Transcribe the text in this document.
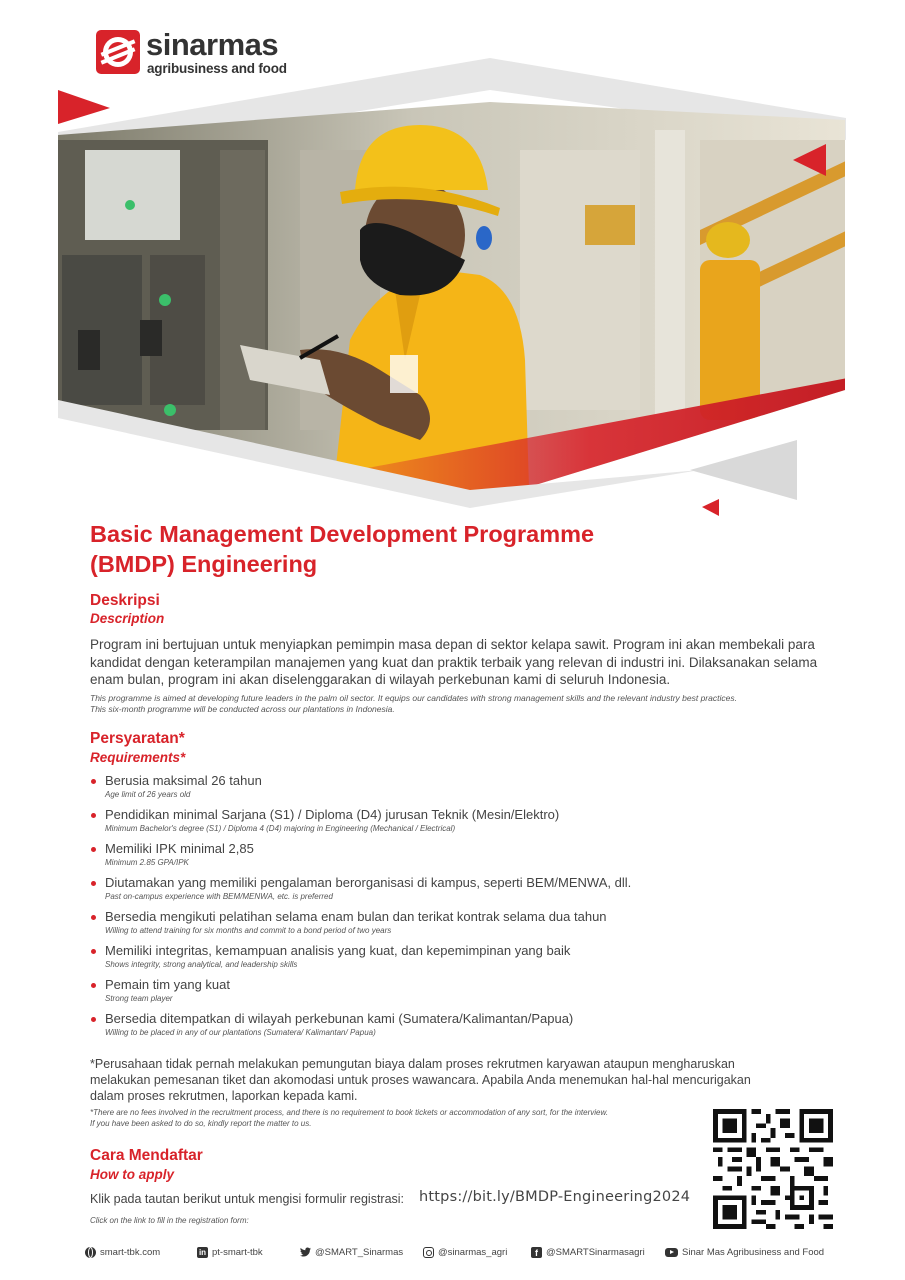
sinarmas
agribusiness and food
Basic Management Development Programme
(BMDP) Engineering
Deskripsi
Description
Program ini bertujuan untuk menyiapkan pemimpin masa depan di sektor kelapa sawit. Program ini akan membekali para
kandidat dengan keterampilan manajemen yang kuat dan praktik terbaik yang relevan di industri ini. Dilaksanakan selama
enam bulan, program ini akan diselenggarakan di wilayah perkebunan kami di seluruh Indonesia.
This programme is aimed at developing future leaders in the palm oil sector. It equips our candidates with strong management skills and the relevant industry best practices.
This six-month programme will be conducted across our plantations in Indonesia.
Persyaratan*
Requirements*
Berusia maksimal 26 tahun
Age limit of 26 years old
Pendidikan minimal Sarjana (S1) / Diploma (D4) jurusan Teknik (Mesin/Elektro)
Minimum Bachelor's degree (S1) / Diploma 4 (D4) majoring in Engineering (Mechanical / Electrical)
Memiliki IPK minimal 2,85
Minimum 2.85 GPA/IPK
Diutamakan yang memiliki pengalaman berorganisasi di kampus, seperti BEM/MENWA, dll.
Past on-campus experience with BEM/MENWA, etc. is preferred
Bersedia mengikuti pelatihan selama enam bulan dan terikat kontrak selama dua tahun
Willing to attend training for six months and commit to a bond period of two years
Memiliki integritas, kemampuan analisis yang kuat, dan kepemimpinan yang baik
Shows integrity, strong analytical, and leadership skills
Pemain tim yang kuat
Strong team player
Bersedia ditempatkan di wilayah perkebunan kami (Sumatera/Kalimantan/Papua)
Willing to be placed in any of our plantations (Sumatera/ Kalimantan/ Papua)
*Perusahaan tidak pernah melakukan pemungutan biaya dalam proses rekrutmen karyawan ataupun mengharuskan
melakukan pemesanan tiket dan akomodasi untuk proses wawancara. Apabila Anda menemukan hal-hal mencurigakan
dalam proses rekrutmen, laporkan kepada kami.
*There are no fees involved in the recruitment process, and there is no requirement to book tickets or accommodation of any sort, for the interview.
If you have been asked to do so, kindly report the matter to us.
Cara Mendaftar
How to apply
Klik pada tautan berikut untuk mengisi formulir registrasi: https://bit.ly/BMDP-Engineering2024
Click on the link to fill in the registration form:
smart-tbk.com	in pt-smart-tbk	@SMART_Sinarmas	@sinarmas_agri	f @SMARTSinarmasagri	Sinar Mas Agribusiness and Food
